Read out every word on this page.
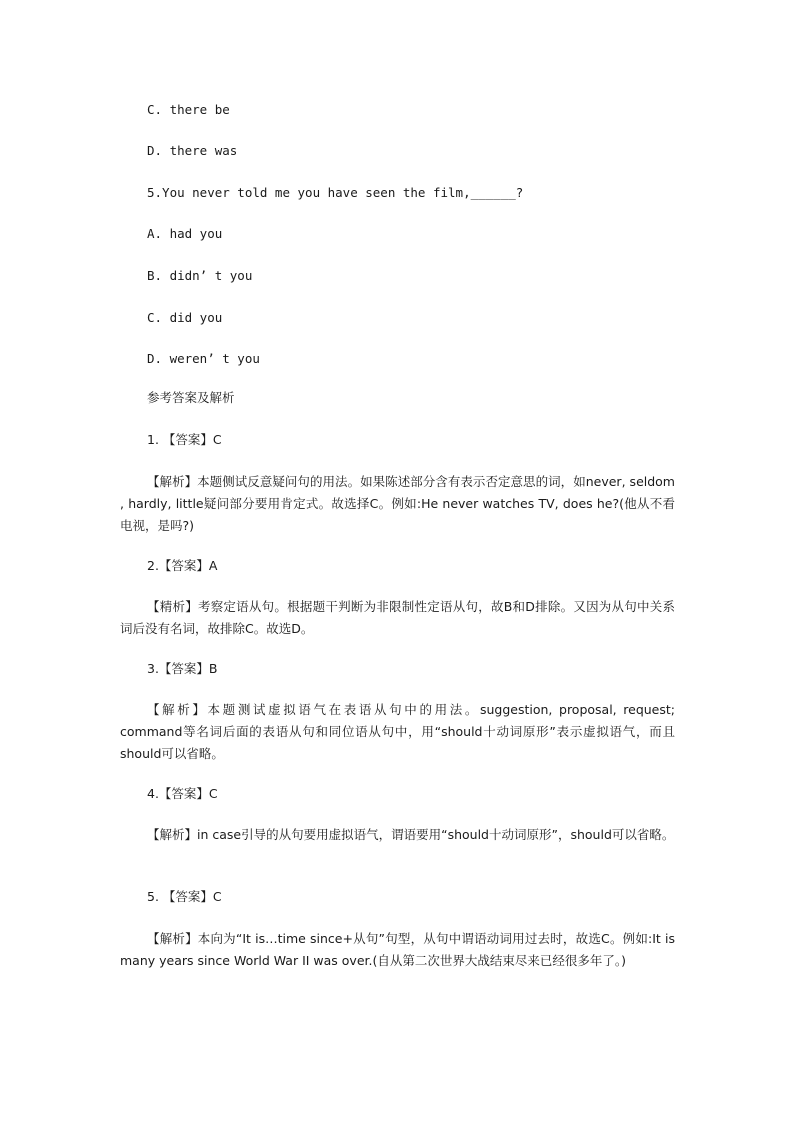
C. there be
D. there was
5.You never told me you have seen the film,______?
A. had you
B. didn’ t you
C. did you
D. weren’ t you
参考答案及解析
1. 【答案】C
【解析】本题侧试反意疑问句的用法。如果陈述部分含有表示否定意思的词，如never, seldom , hardly, little疑问部分要用肯定式。故选择C。例如:He never watches TV, does he?(他从不看电视，是吗?)
2.【答案】A
【精析】考察定语从句。根据题干判断为非限制性定语从句，故B和D排除。又因为从句中关系词后没有名词，故排除C。故选D。
3.【答案】B
【解析】本题测试虚拟语气在表语从句中的用法。suggestion, proposal, request; command等名词后面的表语从句和同位语从句中，用“should十动词原形”表示虚拟语气，而且should可以省略。
4.【答案】C
【解析】in case引导的从句要用虚拟语气，谓语要用“should十动词原形”，should可以省略。
5. 【答案】C
【解析】本向为“It is…time since+从句”句型，从句中谓语动词用过去时，故选C。例如:It is many years since World War II was over.(自从第二次世界大战结束尽来已经很多年了。)
